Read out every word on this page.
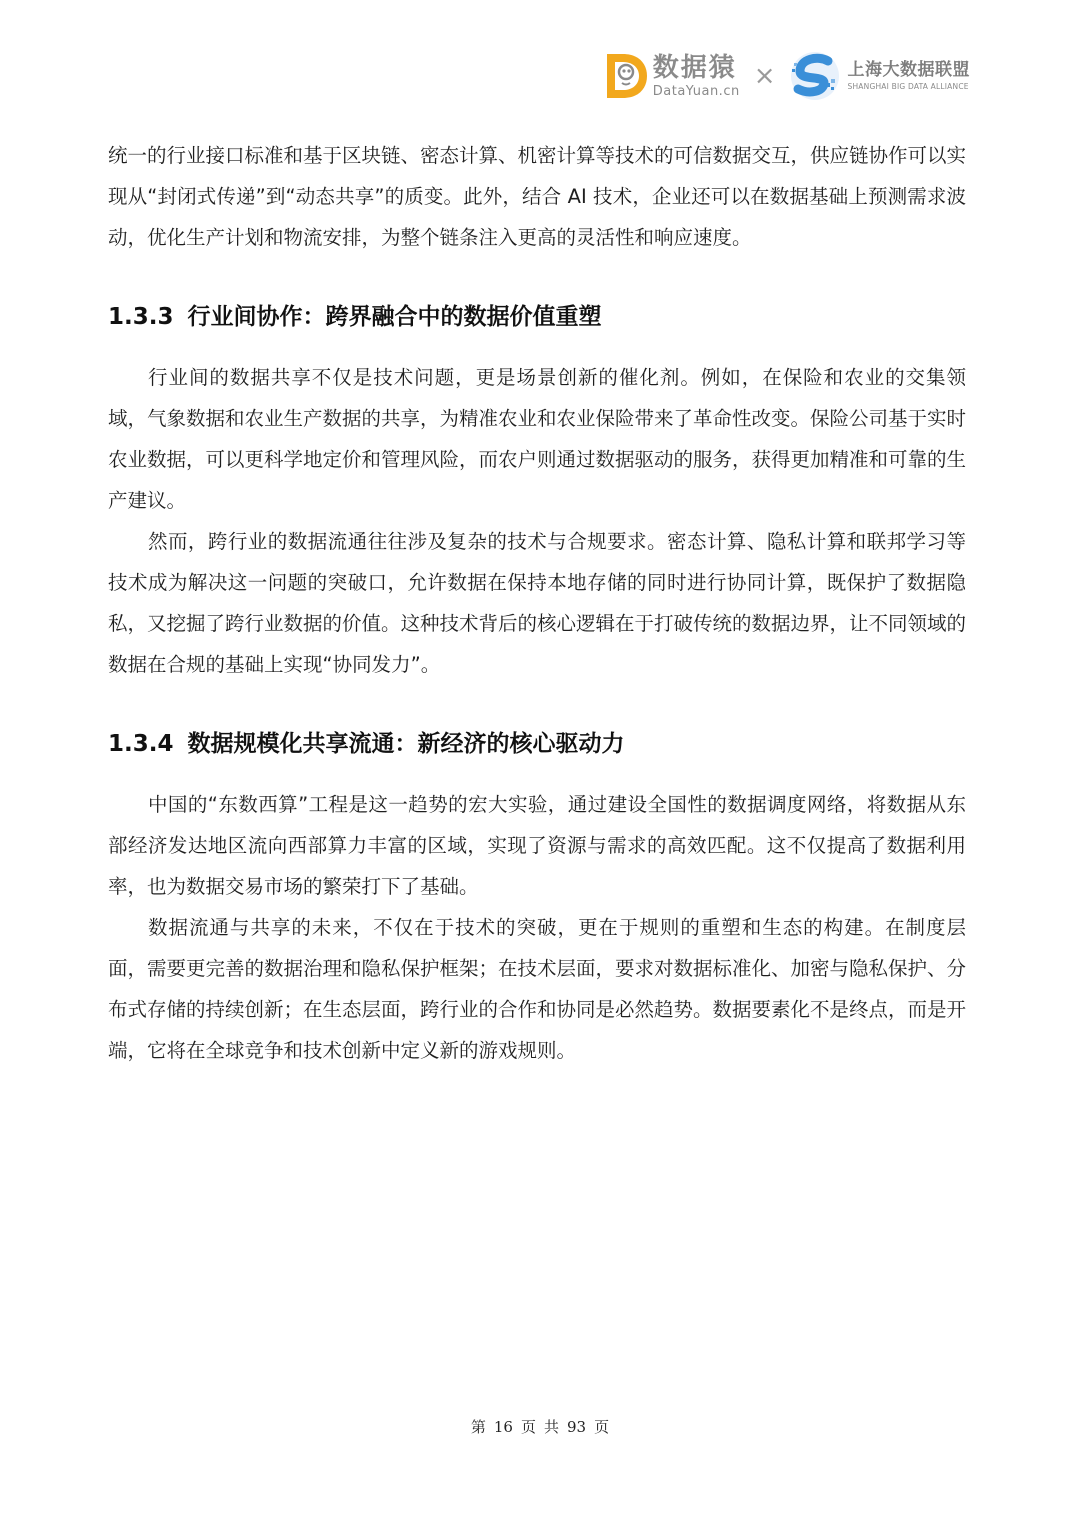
数据猿
DataYuan.cn ×	上海大数据联盟
SHANGHAI BIG DATA ALLIANCE

统一的行业接口标准和基于区块链、密态计算、机密计算等技术的可信数据交互，供应链协作可以实现从“封闭式传递”到“动态共享”的质变。此外，结合 AI 技术，企业还可以在数据基础上预测需求波动，优化生产计划和物流安排，为整个链条注入更高的灵活性和响应速度。

1.3.3 行业间协作：跨界融合中的数据价值重塑

行业间的数据共享不仅是技术问题，更是场景创新的催化剂。例如，在保险和农业的交集领域，气象数据和农业生产数据的共享，为精准农业和农业保险带来了革命性改变。保险公司基于实时农业数据，可以更科学地定价和管理风险，而农户则通过数据驱动的服务，获得更加精准和可靠的生产建议。

然而，跨行业的数据流通往往涉及复杂的技术与合规要求。密态计算、隐私计算和联邦学习等技术成为解决这一问题的突破口，允许数据在保持本地存储的同时进行协同计算，既保护了数据隐私，又挖掘了跨行业数据的价值。这种技术背后的核心逻辑在于打破传统的数据边界，让不同领域的数据在合规的基础上实现“协同发力”。

1.3.4 数据规模化共享流通：新经济的核心驱动力

中国的“东数西算”工程是这一趋势的宏大实验，通过建设全国性的数据调度网络，将数据从东部经济发达地区流向西部算力丰富的区域，实现了资源与需求的高效匹配。这不仅提高了数据利用率，也为数据交易市场的繁荣打下了基础。

数据流通与共享的未来，不仅在于技术的突破，更在于规则的重塑和生态的构建。在制度层面，需要更完善的数据治理和隐私保护框架；在技术层面，要求对数据标准化、加密与隐私保护、分布式存储的持续创新；在生态层面，跨行业的合作和协同是必然趋势。数据要素化不是终点，而是开端，它将在全球竞争和技术创新中定义新的游戏规则。

第 16 页 共 93 页
